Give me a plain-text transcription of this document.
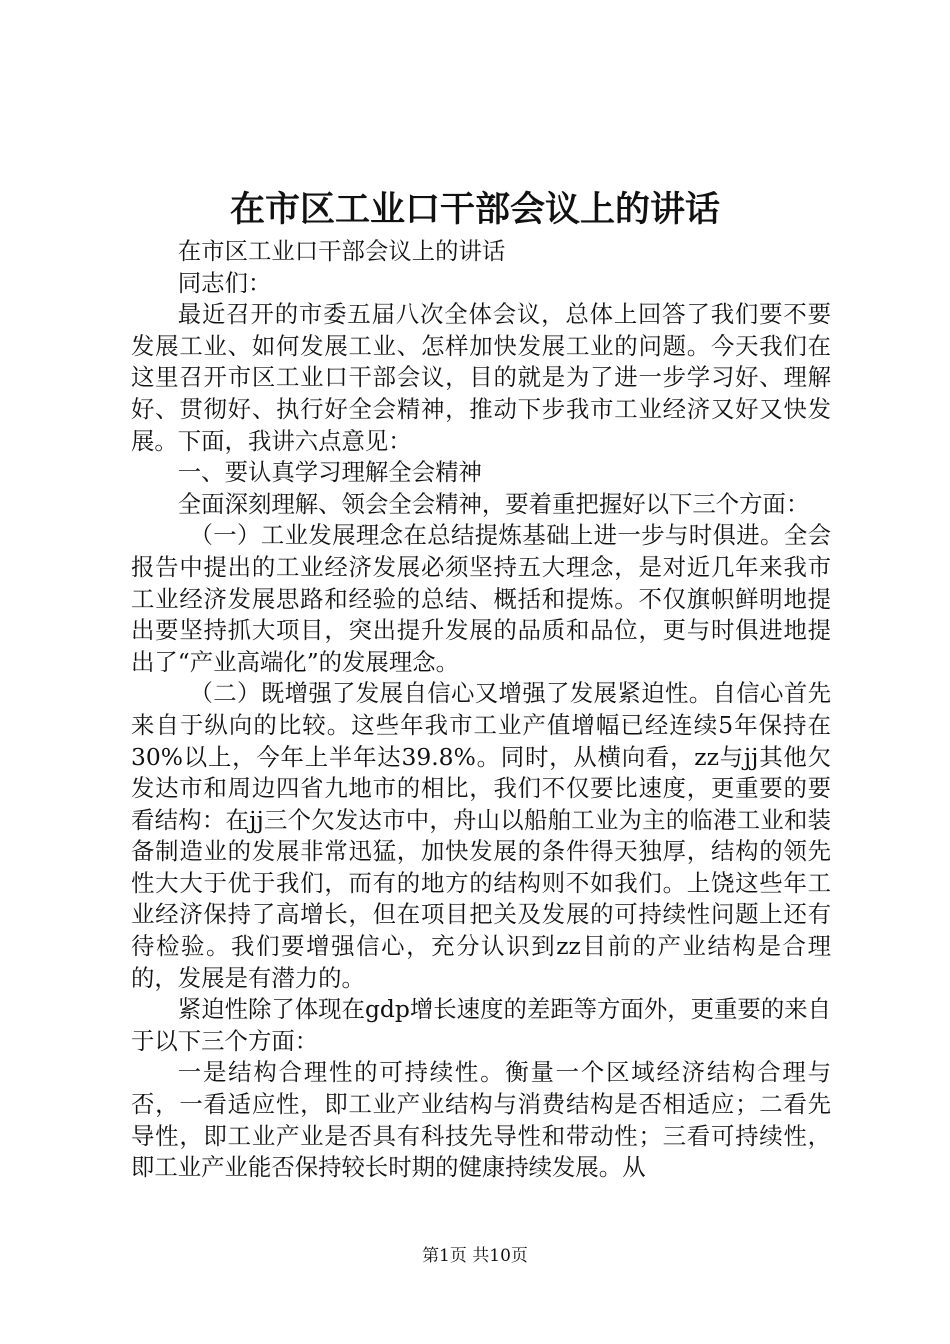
在市区工业口干部会议上的讲话

在市区工业口干部会议上的讲话

同志们：

最近召开的市委五届八次全体会议，总体上回答了我们要不要发展工业、如何发展工业、怎样加快发展工业的问题。今天我们在这里召开市区工业口干部会议，目的就是为了进一步学习好、理解好、贯彻好、执行好全会精神，推动下步我市工业经济又好又快发展。下面，我讲六点意见：

一、要认真学习理解全会精神

全面深刻理解、领会全会精神，要着重把握好以下三个方面：

（一）工业发展理念在总结提炼基础上进一步与时俱进。全会报告中提出的工业经济发展必须坚持五大理念，是对近几年来我市工业经济发展思路和经验的总结、概括和提炼。不仅旗帜鲜明地提出要坚持抓大项目，突出提升发展的品质和品位，更与时俱进地提出了“产业高端化”的发展理念。

（二）既增强了发展自信心又增强了发展紧迫性。自信心首先来自于纵向的比较。这些年我市工业产值增幅已经连续5年保持在30%以上，今年上半年达39.8%。同时，从横向看，zz与jj其他欠发达市和周边四省九地市的相比，我们不仅要比速度，更重要的要看结构：在jj三个欠发达市中，舟山以船舶工业为主的临港工业和装备制造业的发展非常迅猛，加快发展的条件得天独厚，结构的领先性大大于优于我们，而有的地方的结构则不如我们。上饶这些年工业经济保持了高增长，但在项目把关及发展的可持续性问题上还有待检验。我们要增强信心，充分认识到zz目前的产业结构是合理的，发展是有潜力的。

紧迫性除了体现在gdp增长速度的差距等方面外，更重要的来自于以下三个方面：

一是结构合理性的可持续性。衡量一个区域经济结构合理与否，一看适应性，即工业产业结构与消费结构是否相适应；二看先导性，即工业产业是否具有科技先导性和带动性；三看可持续性，即工业产业能否保持较长时期的健康持续发展。从

第1页 共10页
